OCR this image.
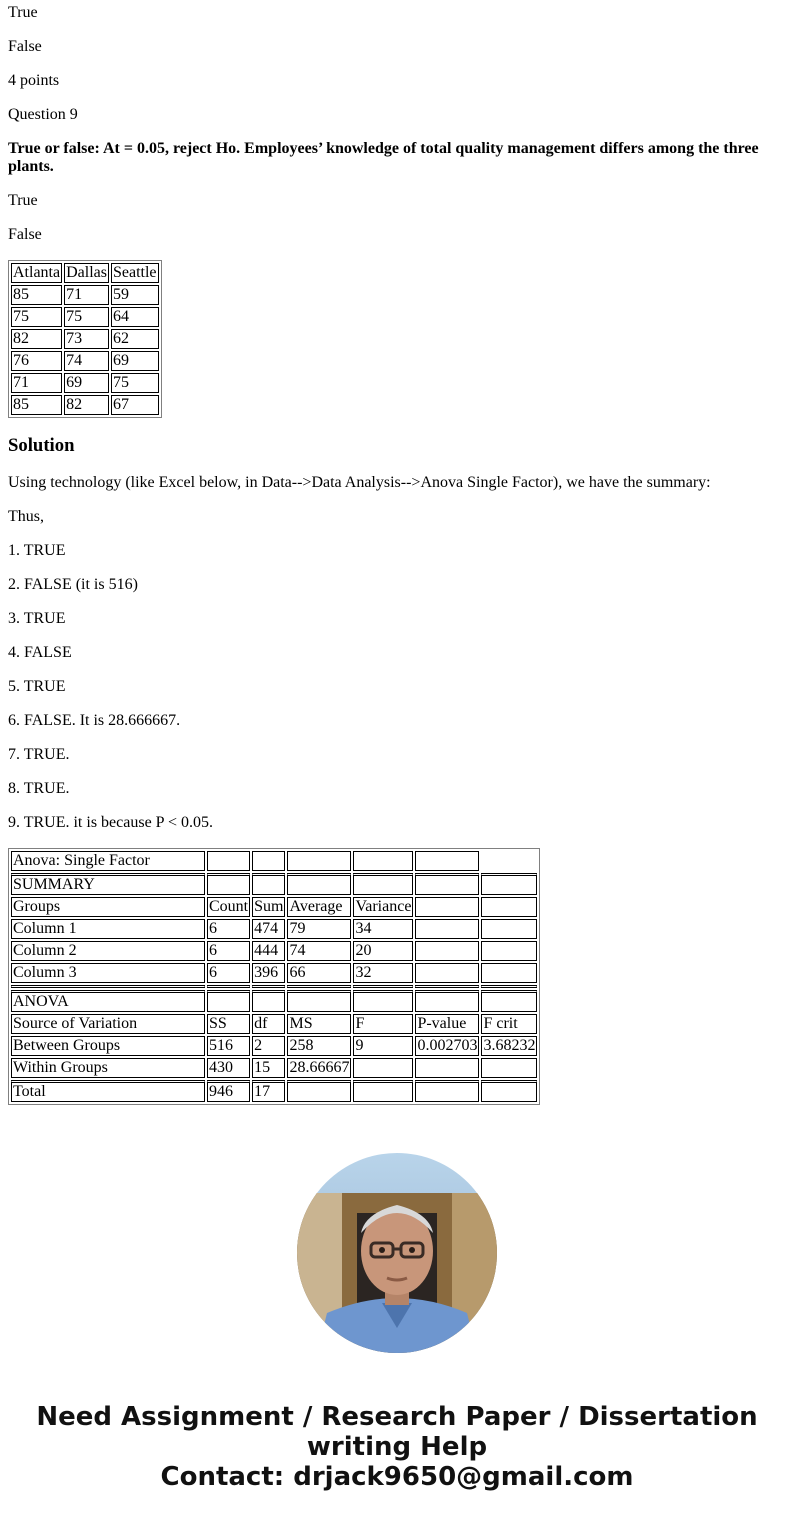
True

False

4 points

Question 9

True or false: At = 0.05, reject Ho. Employees’ knowledge of total quality management differs among the three plants.

True

False

Atlanta	Dallas	Seattle
85	71	59
75	75	64
82	73	62
76	74	69
71	69	75
85	82	67
Solution

Using technology (like Excel below, in Data-->Data Analysis-->Anova Single Factor), we have the summary:

Thus,

1. TRUE

2. FALSE (it is 516)

3. TRUE

4. FALSE

5. TRUE

6. FALSE. It is 28.666667.

7. TRUE.

8. TRUE.

9. TRUE. it is because P < 0.05.

Anova: Single Factor						
SUMMARY						
Groups	Count	Sum	Average	Variance		
Column 1	6	474	79	34		
Column 2	6	444	74	20		
Column 3	6	396	66	32		

ANOVA						
Source of Variation	SS	df	MS	F	P-value	F crit
Between Groups	516	2	258	9	0.002703	3.68232
Within Groups	430	15	28.66667			
Total	946	17				
Need Assignment / Research Paper / Dissertation
writing Help
Contact: drjack9650@gmail.com
